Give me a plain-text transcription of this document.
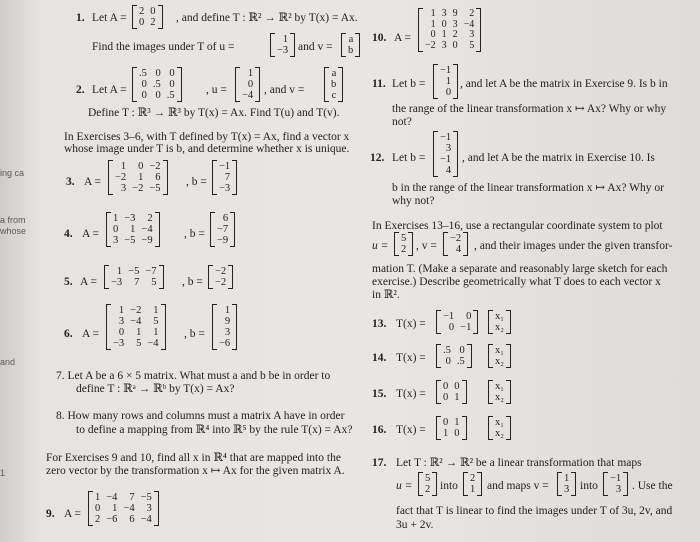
ing ca
a from
whose
and
1
1. Let A =
2	0
0	2 , and define T : ℝ² → ℝ² by T(x) = Ax.
Find the images under T of u =
1
−3 and v =
a
b
2. Let A =
.5	0	0
0	.5	0
0	0	.5	, u =
1
0
−4 , and v =
a
b
c
Define T : ℝ³ → ℝ³ by T(x) = Ax. Find T(u) and T(v).
In Exercises 3–6, with T defined by T(x) = Ax, find a vector x
whose image under T is b, and determine whether x is unique.
3. A =
1	0	−2
−2	1	6
3	−2	−5
, b =
−1
7
−3
4. A =
1	−3	2
0	1	−4
3	−5	−9
, b =
6
−7
−9
5. A =
1	−5	−7
−3	7	5 , b =
−2
−2
6. A =
1	−2	1
3	−4	5
0	1	1
−3	5	−4
, b =
1
9
3
−6
7. Let A be a 6 × 5 matrix. What must a and b be in order to
define T : ℝᵃ → ℝᵇ by T(x) = Ax?
8. How many rows and columns must a matrix A have in order
to define a mapping from ℝ⁴ into ℝ⁵ by the rule T(x) = Ax?
For Exercises 9 and 10, find all x in ℝ⁴ that are mapped into the
zero vector by the transformation x ↦ Ax for the given matrix A.
9. A =
1	−4	7	−5
0	1	−4	3
2	−6	6	−4
10. A =
1	3	9	2
1	0	3	−4
0	1	2	3
−2	3	0	5
11. Let b =
−1
1
0
, and let A be the matrix in Exercise 9. Is b in
the range of the linear transformation x ↦ Ax? Why or why
not?
12. Let b =
−1
3
−1
4
, and let A be the matrix in Exercise 10. Is
b in the range of the linear transformation x ↦ Ax? Why or
why not?
In Exercises 13–16, use a rectangular coordinate system to plot
u =
5
2 , v =
−2
4 , and their images under the given transfor-
mation T. (Make a separate and reasonably large sketch for each
exercise.) Describe geometrically what T does to each vector x
in ℝ².
13. T(x) =
−1	0
0	−1
x₁
x₂
14. T(x) =
.5	0
0	.5
x₁
x₂
15. T(x) =
0	0
0	1
x₁
x₂
16. T(x) =
0	1
1	0
x₁
x₂
17. Let T : ℝ² → ℝ² be a linear transformation that maps
u =
5
2 into
2
1 and maps v =
1
3 into
−1
3 . Use the
fact that T is linear to find the images under T of 3u, 2v, and
3u + 2v.
